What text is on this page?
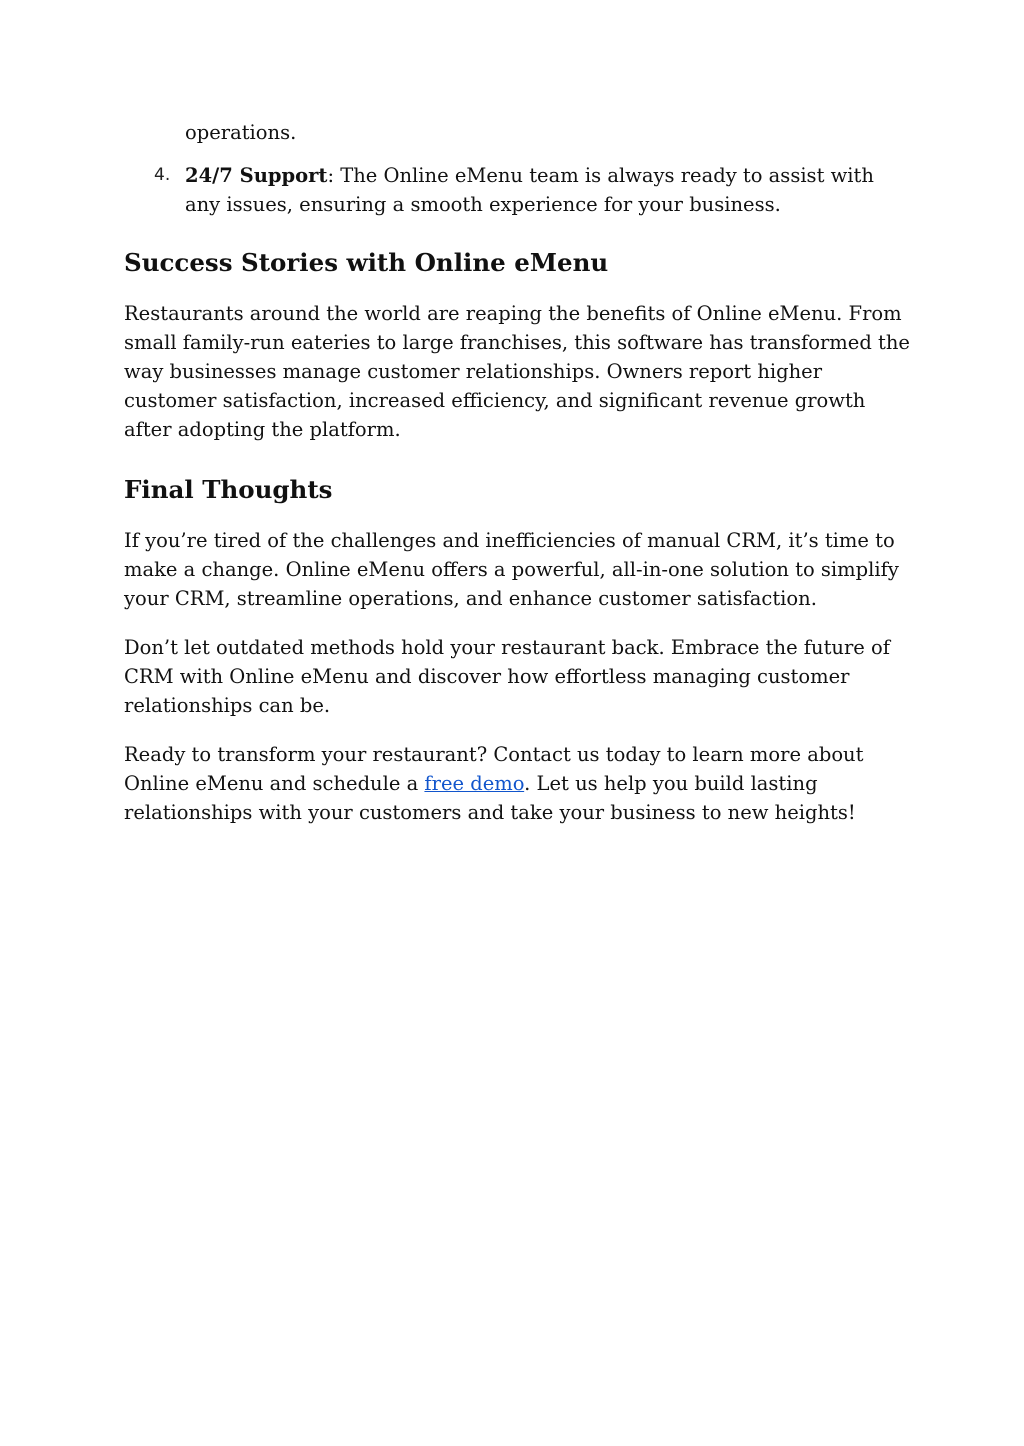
operations.
4. 24/7 Support: The Online eMenu team is always ready to assist with any issues, ensuring a smooth experience for your business.
Success Stories with Online eMenu

Restaurants around the world are reaping the benefits of Online eMenu. From small family-run eateries to large franchises, this software has transformed the way businesses manage customer relationships. Owners report higher customer satisfaction, increased efficiency, and significant revenue growth after adopting the platform.

Final Thoughts

If you’re tired of the challenges and inefficiencies of manual CRM, it’s time to make a change. Online eMenu offers a powerful, all-in-one solution to simplify your CRM, streamline operations, and enhance customer satisfaction.

Don’t let outdated methods hold your restaurant back. Embrace the future of CRM with Online eMenu and discover how effortless managing customer relationships can be.

Ready to transform your restaurant? Contact us today to learn more about Online eMenu and schedule a free demo. Let us help you build lasting relationships with your customers and take your business to new heights!
